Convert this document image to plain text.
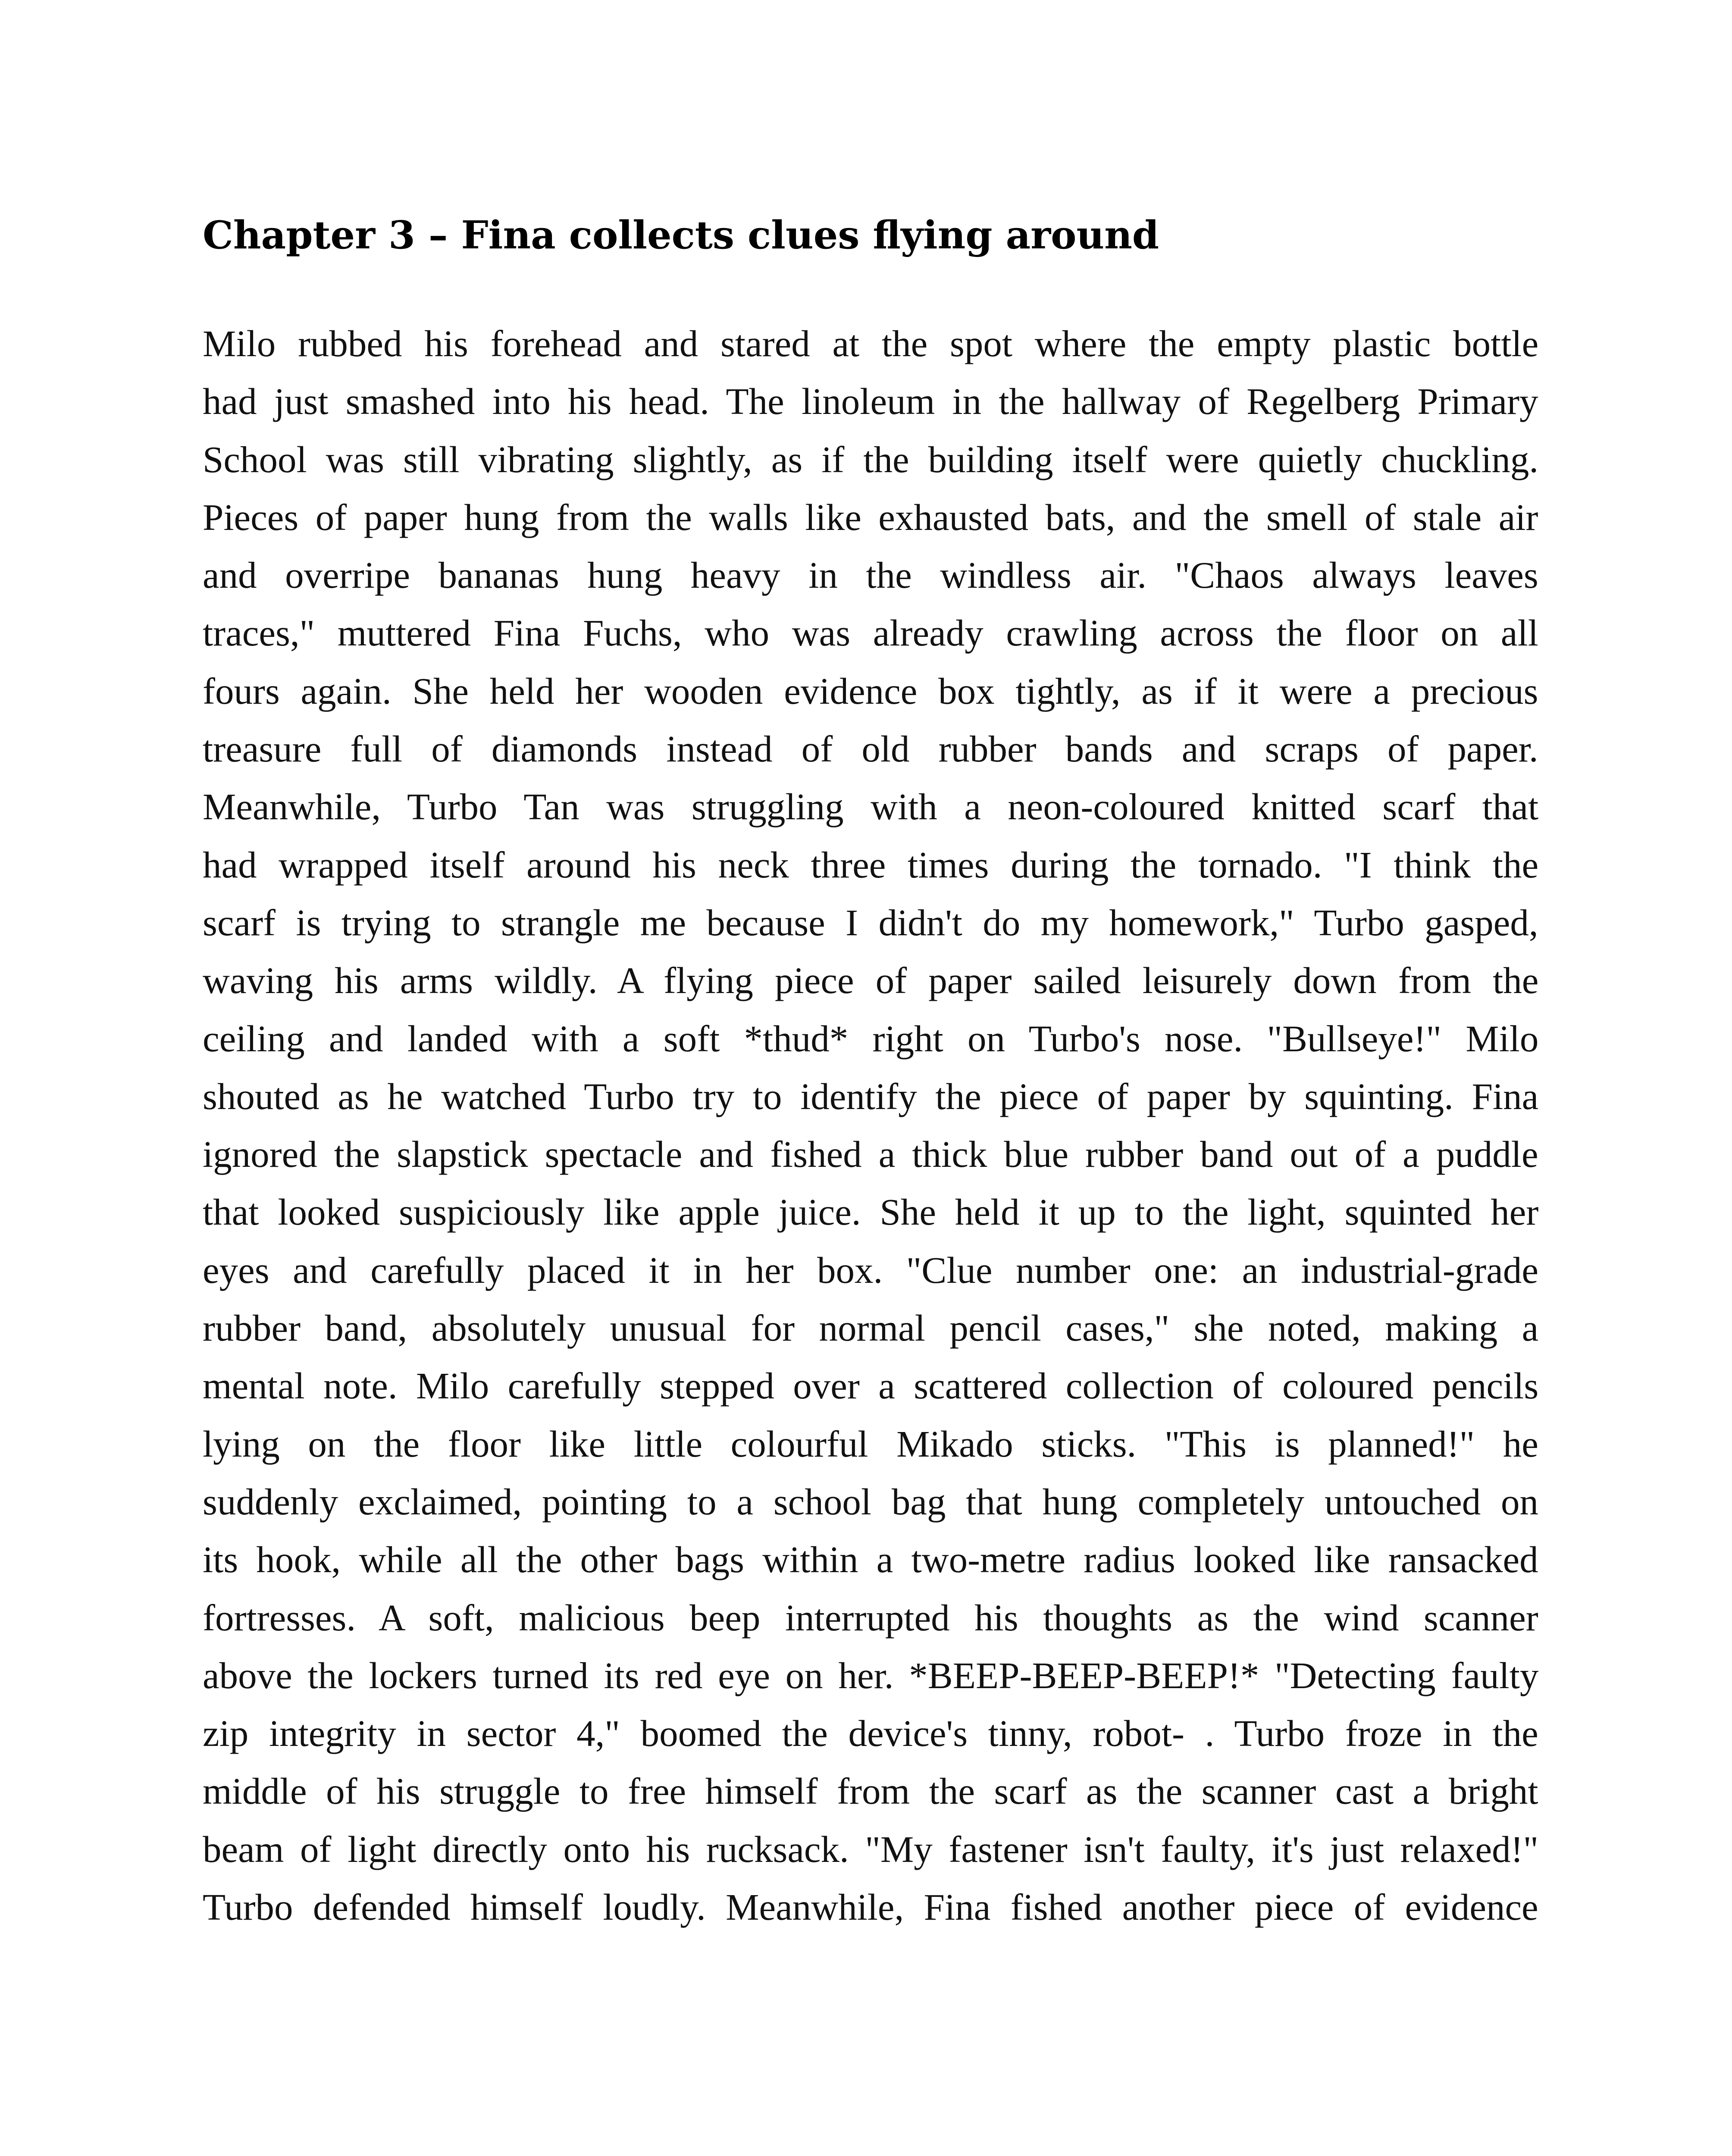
Chapter 3 – Fina collects clues flying around
Milo rubbed his forehead and stared at the spot where the empty plastic bottle
had just smashed into his head. The linoleum in the hallway of Regelberg Primary
School was still vibrating slightly, as if the building itself were quietly chuckling.
Pieces of paper hung from the walls like exhausted bats, and the smell of stale air
and overripe bananas hung heavy in the windless air. "Chaos always leaves
traces," muttered Fina Fuchs, who was already crawling across the floor on all
fours again. She held her wooden evidence box tightly, as if it were a precious
treasure full of diamonds instead of old rubber bands and scraps of paper.
Meanwhile, Turbo Tan was struggling with a neon-coloured knitted scarf that
had wrapped itself around his neck three times during the tornado. "I think the
scarf is trying to strangle me because I didn't do my homework," Turbo gasped,
waving his arms wildly. A flying piece of paper sailed leisurely down from the
ceiling and landed with a soft *thud* right on Turbo's nose. "Bullseye!" Milo
shouted as he watched Turbo try to identify the piece of paper by squinting. Fina
ignored the slapstick spectacle and fished a thick blue rubber band out of a puddle
that looked suspiciously like apple juice. She held it up to the light, squinted her
eyes and carefully placed it in her box. "Clue number one: an industrial-grade
rubber band, absolutely unusual for normal pencil cases," she noted, making a
mental note. Milo carefully stepped over a scattered collection of coloured pencils
lying on the floor like little colourful Mikado sticks. "This is planned!" he
suddenly exclaimed, pointing to a school bag that hung completely untouched on
its hook, while all the other bags within a two-metre radius looked like ransacked
fortresses. A soft, malicious beep interrupted his thoughts as the wind scanner
above the lockers turned its red eye on her. *BEEP-BEEP-BEEP!* "Detecting faulty
zip integrity in sector 4," boomed the device's tinny, robot- . Turbo froze in the
middle of his struggle to free himself from the scarf as the scanner cast a bright
beam of light directly onto his rucksack. "My fastener isn't faulty, it's just relaxed!"
Turbo defended himself loudly. Meanwhile, Fina fished another piece of evidence
